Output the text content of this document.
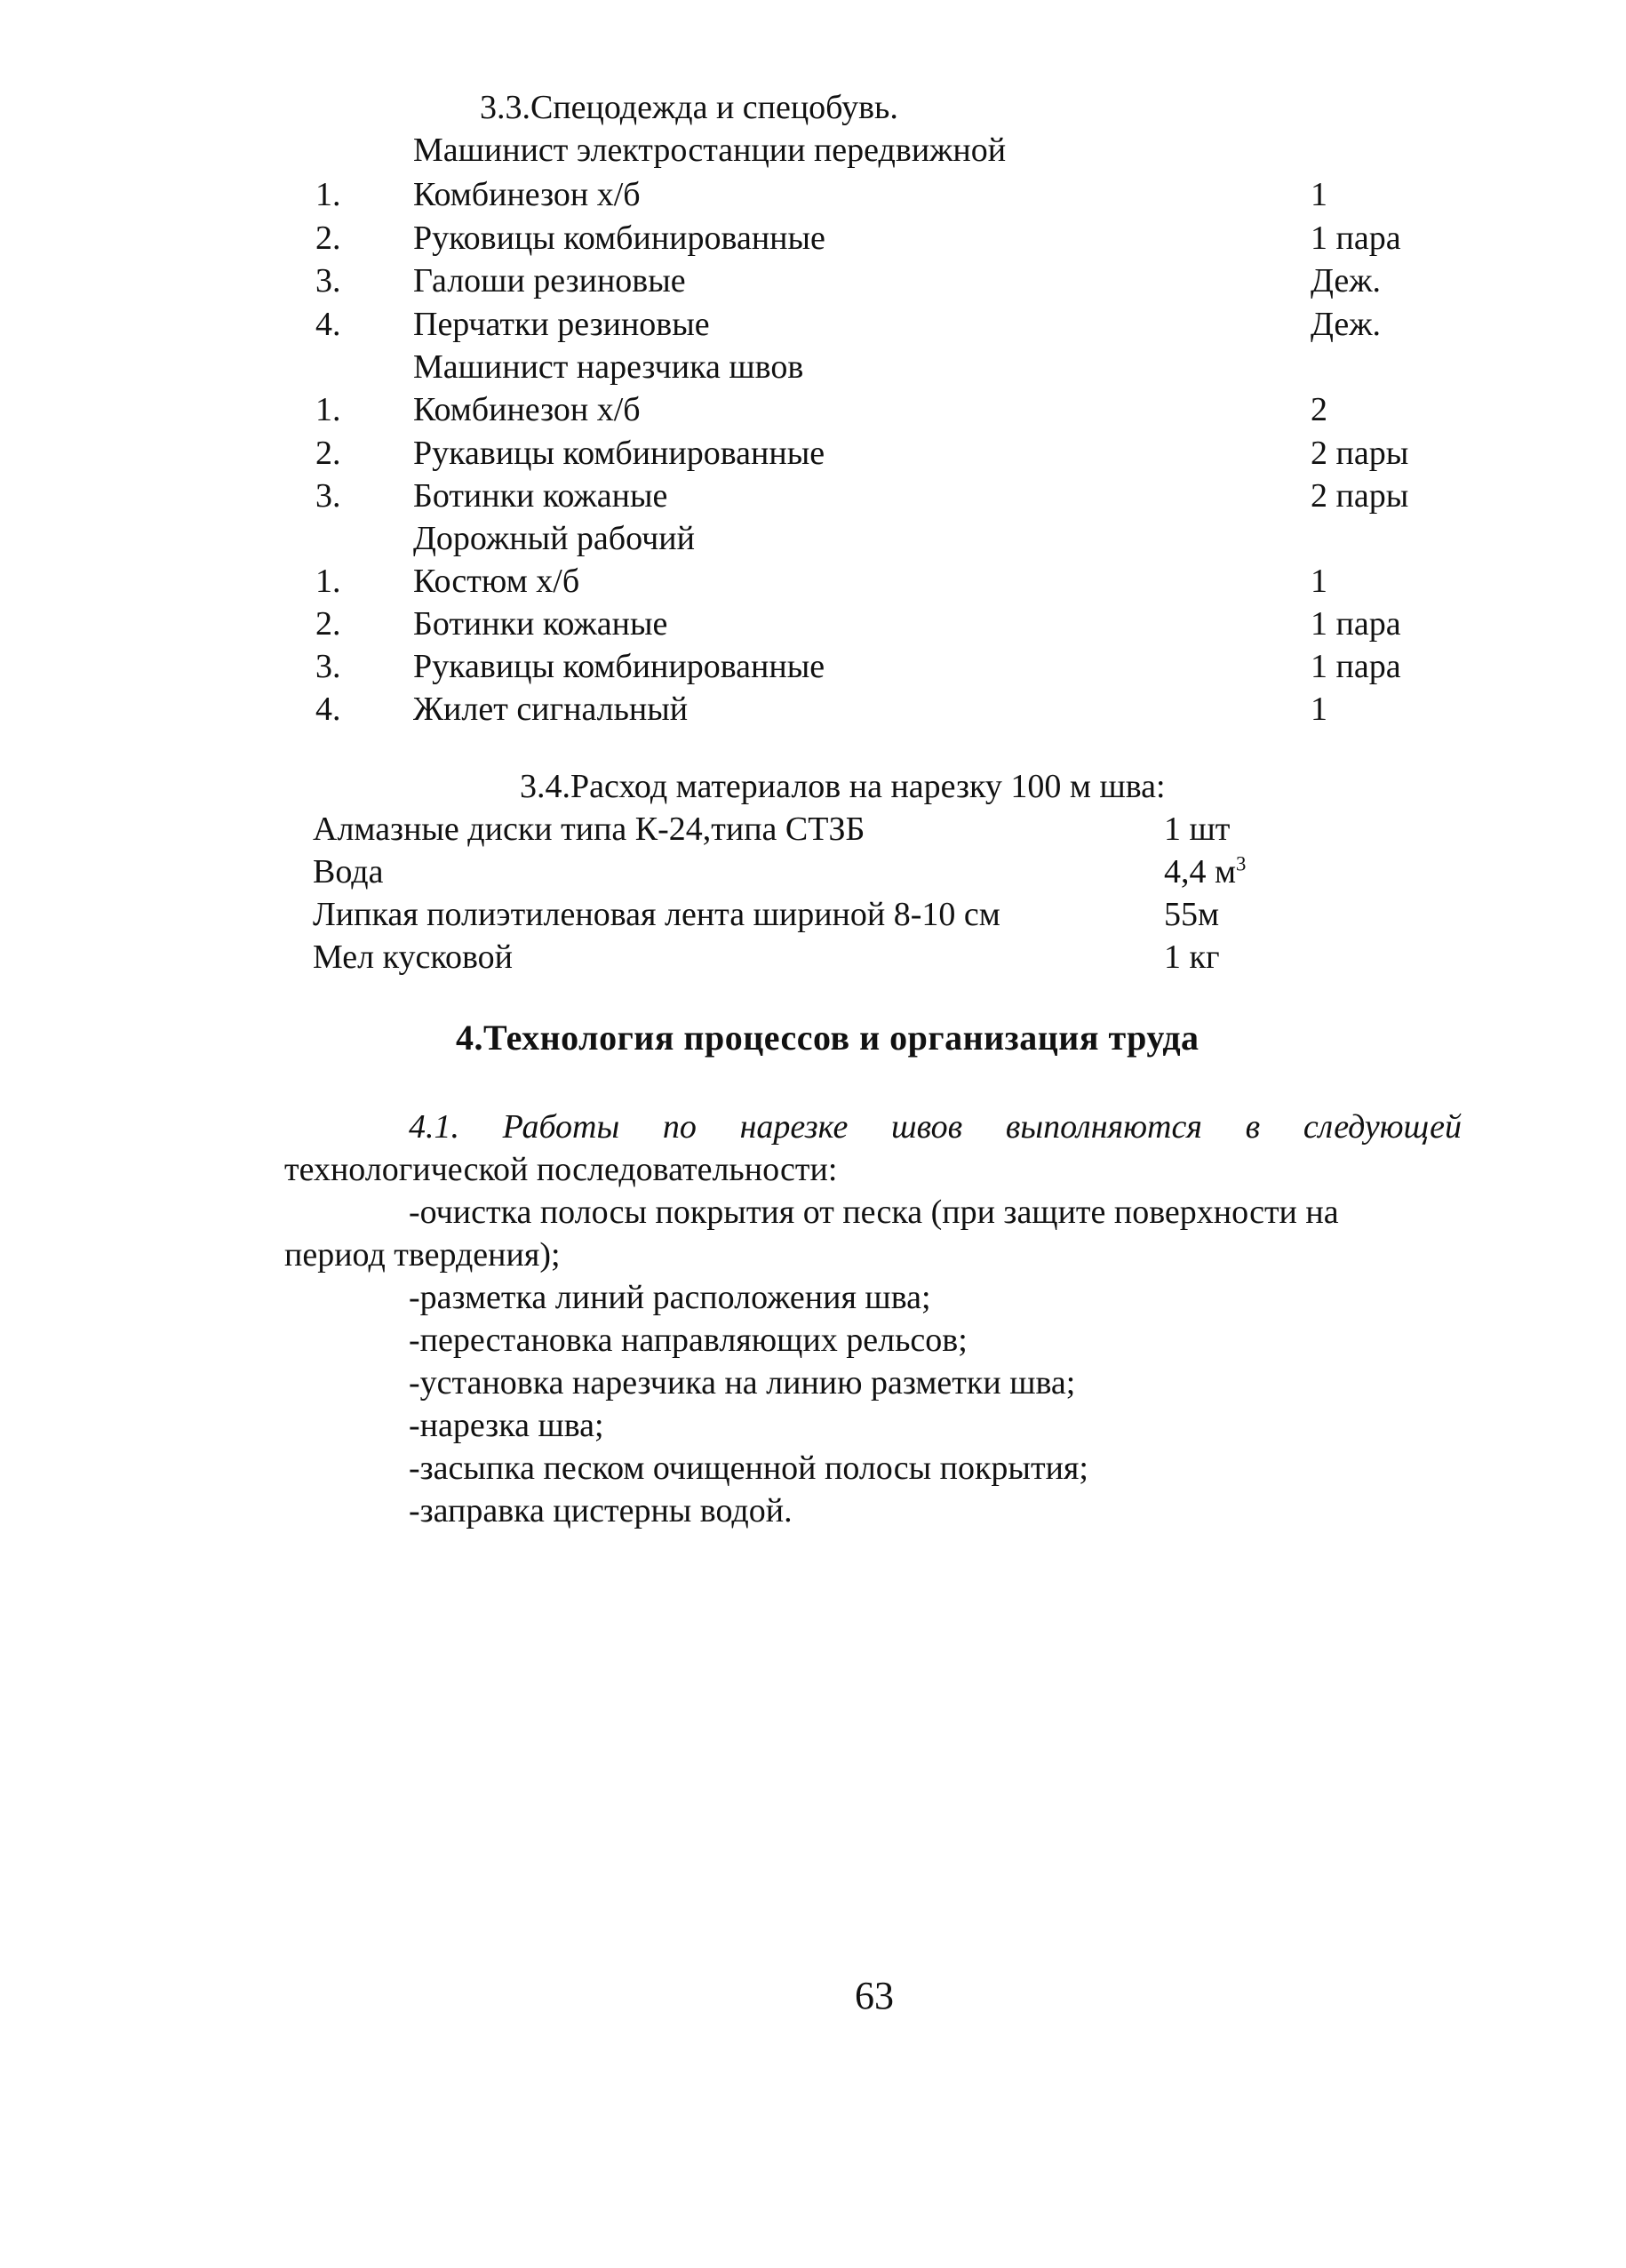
3.3.Спецодежда и спецобувь.
Машинист электростанции передвижной
1. Комбинезон х/б	1
2. Руковицы комбинированные	1 пара
3. Галоши резиновые	Деж.
4. Перчатки резиновые	Деж.
Машинист нарезчика швов
1. Комбинезон х/б	2
2. Рукавицы комбинированные	2 пары
3. Ботинки кожаные	2 пары
Дорожный рабочий
1. Костюм х/б	1
2. Ботинки кожаные	1 пара
3. Рукавицы комбинированные	1 пара
4. Жилет сигнальный	1
3.4.Расход материалов на нарезку 100 м шва:
Алмазные диски типа К-24,типа СТЗБ	1 шт
Вода	4,4 $м^3$
Липкая полиэтиленовая лента шириной 8-10 см	55м
Мел кусковой	1 кг
4.Технология процессов и организация труда
4.1. Работы по нарезке швов выполняются в следующей
технологической последовательности:
-очистка полосы покрытия от песка (при защите поверхности на
период твердения);
-разметка линий расположения шва;
-перестановка направляющих рельсов;
-установка нарезчика на линию разметки шва;
-нарезка шва;
-засыпка песком очищенной полосы покрытия;
-заправка цистерны водой.
63
